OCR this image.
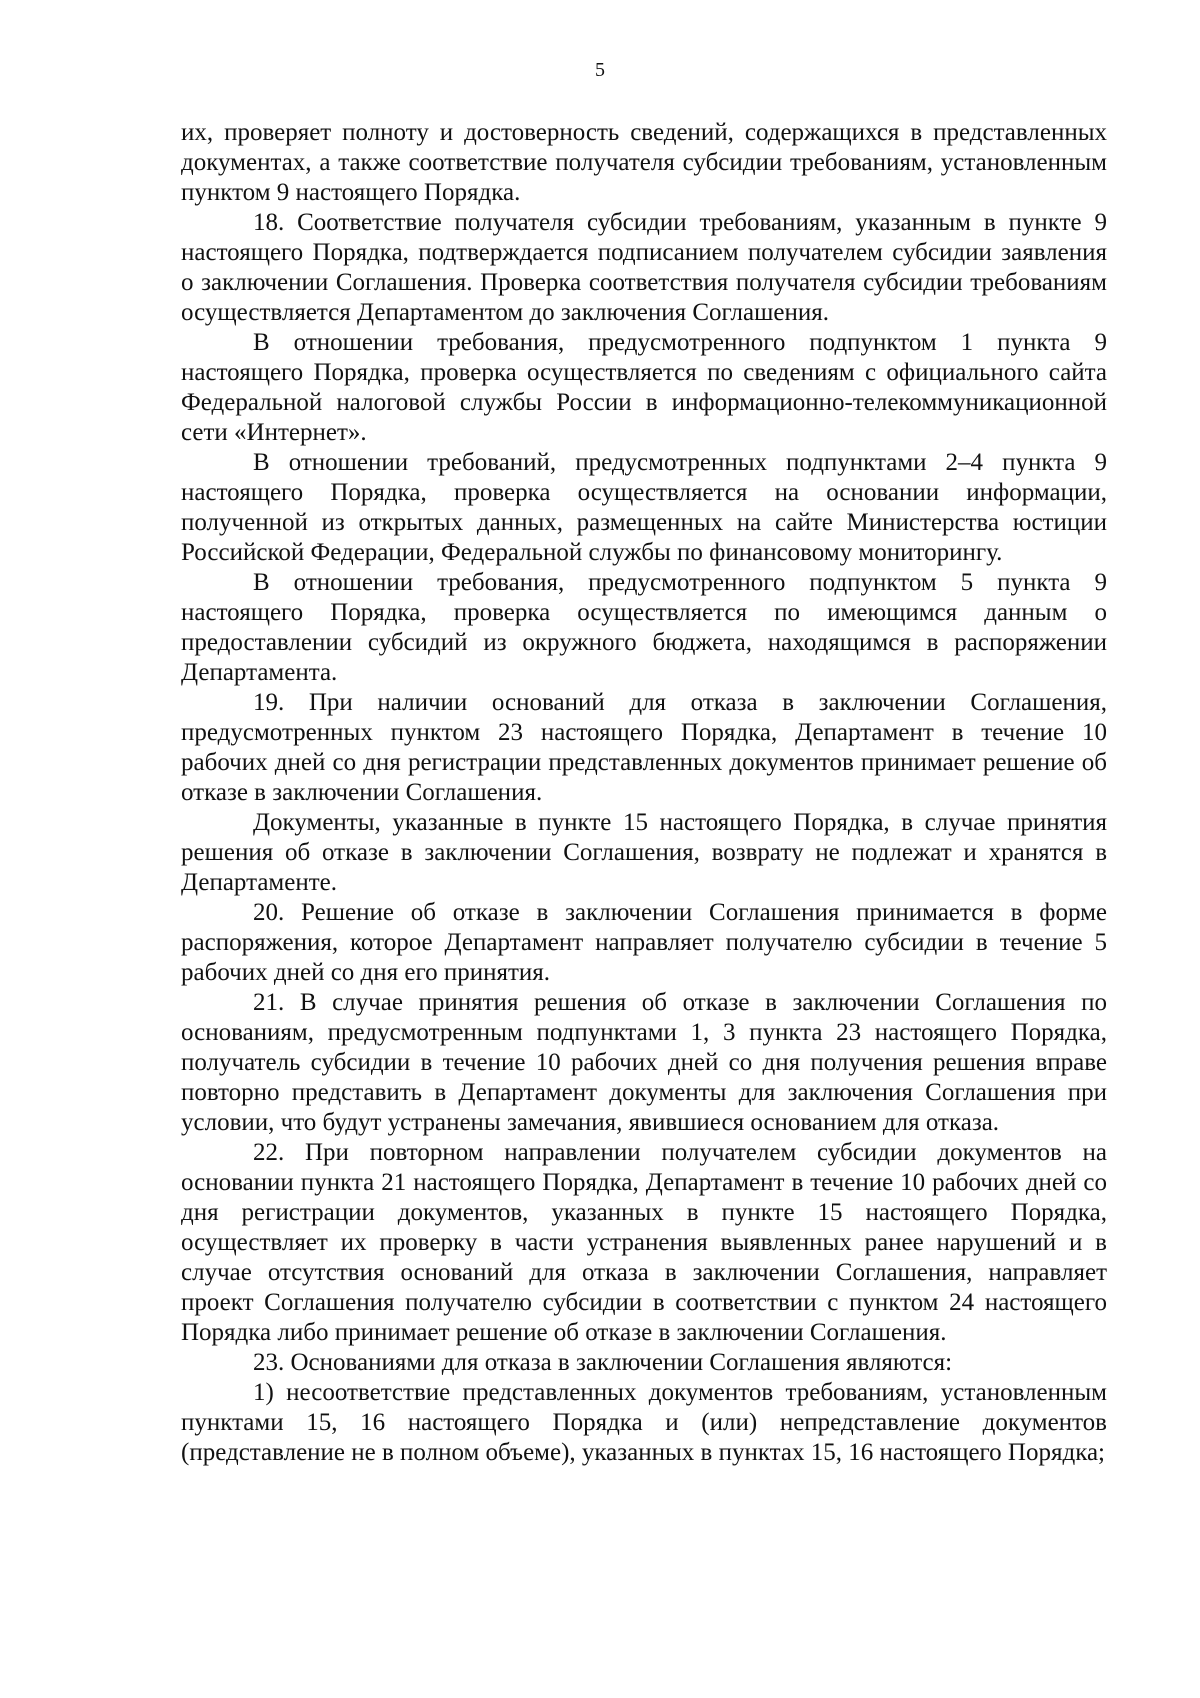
5

их, проверяет полноту и достоверность сведений, содержащихся в представленных документах, а также соответствие получателя субсидии требованиям, установленным пунктом 9 настоящего Порядка.

18. Соответствие получателя субсидии требованиям, указанным в пункте 9 настоящего Порядка, подтверждается подписанием получателем субсидии заявления о заключении Соглашения. Проверка соответствия получателя субсидии требованиям осуществляется Департаментом до заключения Соглашения.

В отношении требования, предусмотренного подпунктом 1 пункта 9 настоящего Порядка, проверка осуществляется по сведениям с официального сайта Федеральной налоговой службы России в информационно-телекоммуникационной сети «Интернет».

В отношении требований, предусмотренных подпунктами 2–4 пункта 9 настоящего Порядка, проверка осуществляется на основании информации, полученной из открытых данных, размещенных на сайте Министерства юстиции Российской Федерации, Федеральной службы по финансовому мониторингу.

В отношении требования, предусмотренного подпунктом 5 пункта 9 настоящего Порядка, проверка осуществляется по имеющимся данным о предоставлении субсидий из окружного бюджета, находящимся в распоряжении Департамента.

19. При наличии оснований для отказа в заключении Соглашения, предусмотренных пунктом 23 настоящего Порядка, Департамент в течение 10 рабочих дней со дня регистрации представленных документов принимает решение об отказе в заключении Соглашения.

Документы, указанные в пункте 15 настоящего Порядка, в случае принятия решения об отказе в заключении Соглашения, возврату не подлежат и хранятся в Департаменте.

20. Решение об отказе в заключении Соглашения принимается в форме распоряжения, которое Департамент направляет получателю субсидии в течение 5 рабочих дней со дня его принятия.

21. В случае принятия решения об отказе в заключении Соглашения по основаниям, предусмотренным подпунктами 1, 3 пункта 23 настоящего Порядка, получатель субсидии в течение 10 рабочих дней со дня получения решения вправе повторно представить в Департамент документы для заключения Соглашения при условии, что будут устранены замечания, явившиеся основанием для отказа.

22. При повторном направлении получателем субсидии документов на основании пункта 21 настоящего Порядка, Департамент в течение 10 рабочих дней со дня регистрации документов, указанных в пункте 15 настоящего Порядка, осуществляет их проверку в части устранения выявленных ранее нарушений и в случае отсутствия оснований для отказа в заключении Соглашения, направляет проект Соглашения получателю субсидии в соответствии с пунктом 24 настоящего Порядка либо принимает решение об отказе в заключении Соглашения.

23. Основаниями для отказа в заключении Соглашения являются:

1) несоответствие представленных документов требованиям, установленным пунктами 15, 16 настоящего Порядка и (или) непредставление документов (представление не в полном объеме), указанных в пунктах 15, 16 настоящего Порядка;
